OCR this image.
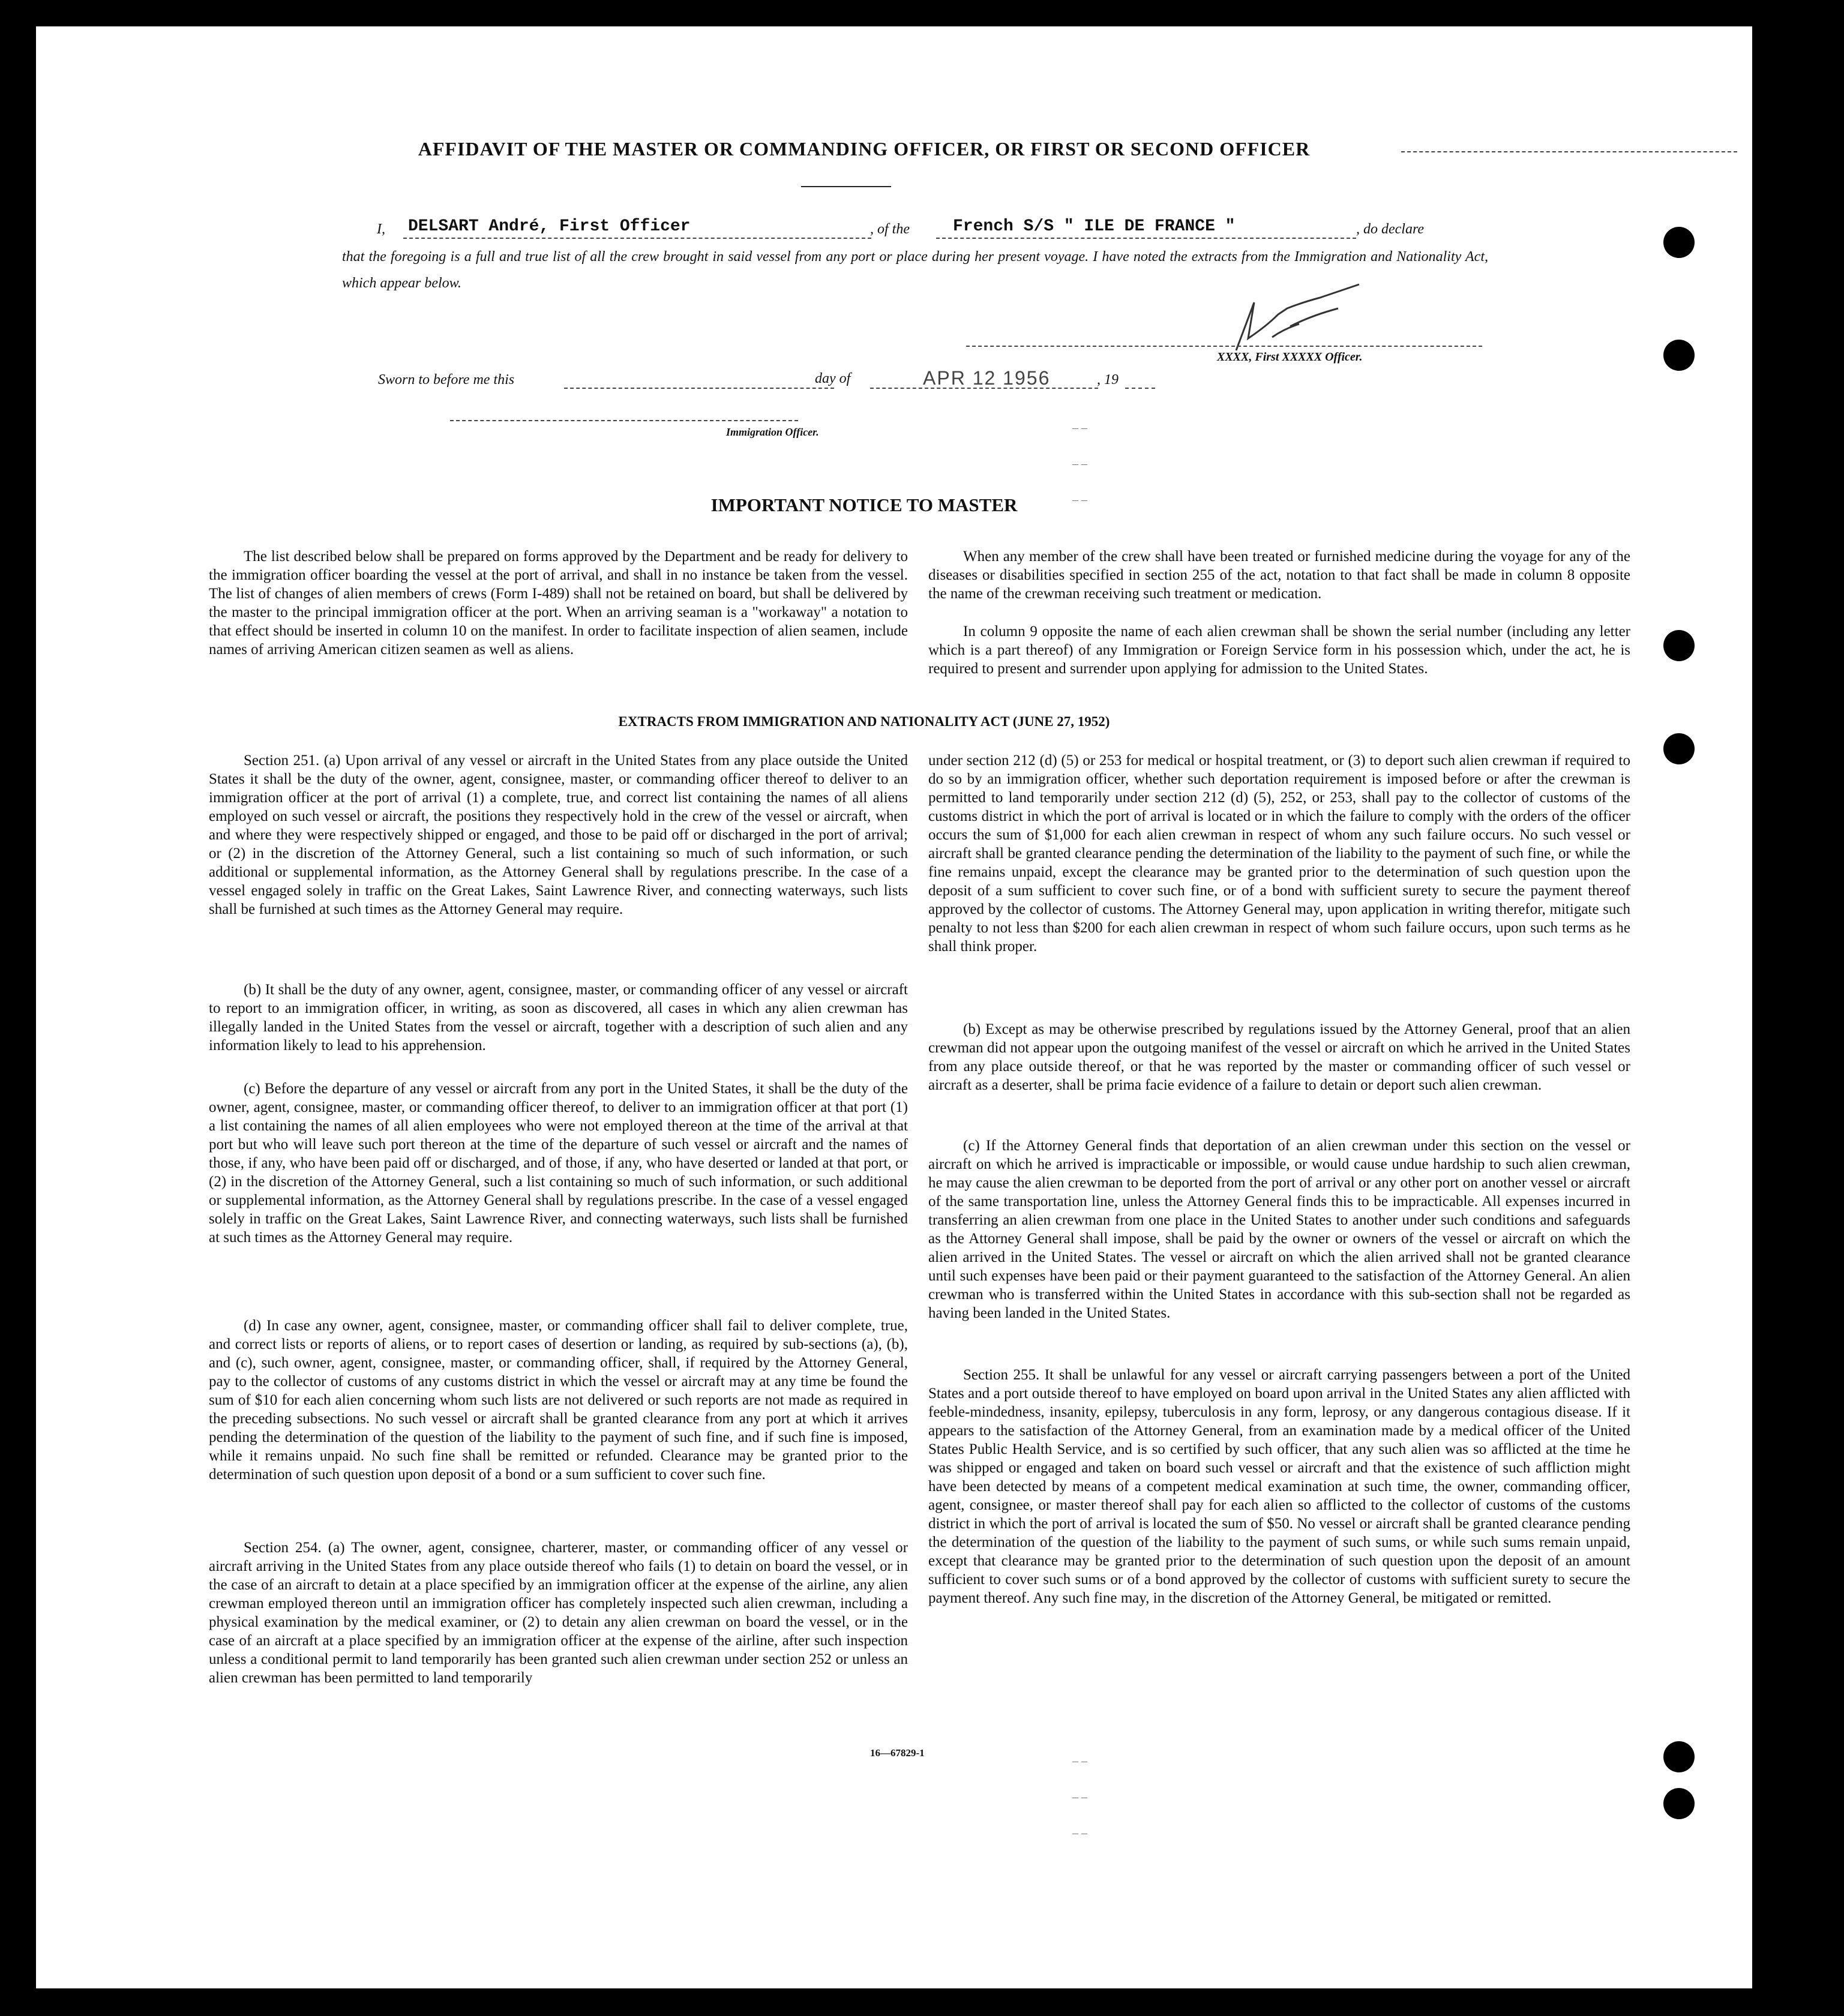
AFFIDAVIT OF THE MASTER OR COMMANDING OFFICER, OR FIRST OR SECOND OFFICER
I, DELSART André, First Officer	, of the	French S/S " ILE DE FRANCE "	, do declare

that the foregoing is a full and true list of all the crew brought in said vessel from any port or place during her present voyage. I have noted the extracts from the Immigration and Nationality Act, which appear below.

XXXX, First XXXXX Officer.
Sworn to before me this	day of	APR 12 1956	, 19
Immigration Officer.	– –
– –
– –
– –
– –
– –
IMPORTANT NOTICE TO MASTER

The list described below shall be prepared on forms approved by the Department and be ready for delivery to the immigration officer boarding the vessel at the port of arrival, and shall in no instance be taken from the vessel. The list of changes of alien members of crews (Form I-489) shall not be retained on board, but shall be delivered by the master to the principal immigration officer at the port. When an arriving seaman is a "workaway" a notation to that effect should be inserted in column 10 on the manifest. In order to facilitate inspection of alien seamen, include names of arriving American citizen seamen as well as aliens.

When any member of the crew shall have been treated or furnished medicine during the voyage for any of the diseases or disabilities specified in section 255 of the act, notation to that fact shall be made in column 8 opposite the name of the crewman receiving such treatment or medication.

In column 9 opposite the name of each alien crewman shall be shown the serial number (including any letter which is a part thereof) of any Immigration or Foreign Service form in his possession which, under the act, he is required to present and surrender upon applying for admission to the United States.

EXTRACTS FROM IMMIGRATION AND NATIONALITY ACT (JUNE 27, 1952)

Section 251. (a) Upon arrival of any vessel or aircraft in the United States from any place outside the United States it shall be the duty of the owner, agent, consignee, master, or commanding officer thereof to deliver to an immigration officer at the port of arrival (1) a complete, true, and correct list containing the names of all aliens employed on such vessel or aircraft, the positions they respectively hold in the crew of the vessel or aircraft, when and where they were respectively shipped or engaged, and those to be paid off or discharged in the port of arrival; or (2) in the discretion of the Attorney General, such a list containing so much of such information, or such additional or supplemental information, as the Attorney General shall by regulations prescribe. In the case of a vessel engaged solely in traffic on the Great Lakes, Saint Lawrence River, and connecting waterways, such lists shall be furnished at such times as the Attorney General may require.

(b) It shall be the duty of any owner, agent, consignee, master, or commanding officer of any vessel or aircraft to report to an immigration officer, in writing, as soon as discovered, all cases in which any alien crewman has illegally landed in the United States from the vessel or aircraft, together with a description of such alien and any information likely to lead to his apprehension.

(c) Before the departure of any vessel or aircraft from any port in the United States, it shall be the duty of the owner, agent, consignee, master, or commanding officer thereof, to deliver to an immigration officer at that port (1) a list containing the names of all alien employees who were not employed thereon at the time of the arrival at that port but who will leave such port thereon at the time of the departure of such vessel or aircraft and the names of those, if any, who have been paid off or discharged, and of those, if any, who have deserted or landed at that port, or (2) in the discretion of the Attorney General, such a list containing so much of such information, or such additional or supplemental information, as the Attorney General shall by regulations prescribe. In the case of a vessel engaged solely in traffic on the Great Lakes, Saint Lawrence River, and connecting waterways, such lists shall be furnished at such times as the Attorney General may require.

(d) In case any owner, agent, consignee, master, or commanding officer shall fail to deliver complete, true, and correct lists or reports of aliens, or to report cases of desertion or landing, as required by sub-sections (a), (b), and (c), such owner, agent, consignee, master, or commanding officer, shall, if required by the Attorney General, pay to the collector of customs of any customs district in which the vessel or aircraft may at any time be found the sum of $10 for each alien concerning whom such lists are not delivered or such reports are not made as required in the preceding subsections. No such vessel or aircraft shall be granted clearance from any port at which it arrives pending the determination of the question of the liability to the payment of such fine, and if such fine is imposed, while it remains unpaid. No such fine shall be remitted or refunded. Clearance may be granted prior to the determination of such question upon deposit of a bond or a sum sufficient to cover such fine.

Section 254. (a) The owner, agent, consignee, charterer, master, or commanding officer of any vessel or aircraft arriving in the United States from any place outside thereof who fails (1) to detain on board the vessel, or in the case of an aircraft to detain at a place specified by an immigration officer at the expense of the airline, any alien crewman employed thereon until an immigration officer has completely inspected such alien crewman, including a physical examination by the medical examiner, or (2) to detain any alien crewman on board the vessel, or in the case of an aircraft at a place specified by an immigration officer at the expense of the airline, after such inspection unless a conditional permit to land temporarily has been granted such alien crewman under section 252 or unless an alien crewman has been permitted to land temporarily

under section 212 (d) (5) or 253 for medical or hospital treatment, or (3) to deport such alien crewman if required to do so by an immigration officer, whether such deportation requirement is imposed before or after the crewman is permitted to land temporarily under section 212 (d) (5), 252, or 253, shall pay to the collector of customs of the customs district in which the port of arrival is located or in which the failure to comply with the orders of the officer occurs the sum of $1,000 for each alien crewman in respect of whom any such failure occurs. No such vessel or aircraft shall be granted clearance pending the determination of the liability to the payment of such fine, or while the fine remains unpaid, except the clearance may be granted prior to the determination of such question upon the deposit of a sum sufficient to cover such fine, or of a bond with sufficient surety to secure the payment thereof approved by the collector of customs. The Attorney General may, upon application in writing therefor, mitigate such penalty to not less than $200 for each alien crewman in respect of whom such failure occurs, upon such terms as he shall think proper.

(b) Except as may be otherwise prescribed by regulations issued by the Attorney General, proof that an alien crewman did not appear upon the outgoing manifest of the vessel or aircraft on which he arrived in the United States from any place outside thereof, or that he was reported by the master or commanding officer of such vessel or aircraft as a deserter, shall be prima facie evidence of a failure to detain or deport such alien crewman.

(c) If the Attorney General finds that deportation of an alien crewman under this section on the vessel or aircraft on which he arrived is impracticable or impossible, or would cause undue hardship to such alien crewman, he may cause the alien crewman to be deported from the port of arrival or any other port on another vessel or aircraft of the same transportation line, unless the Attorney General finds this to be impracticable. All expenses incurred in transferring an alien crewman from one place in the United States to another under such conditions and safeguards as the Attorney General shall impose, shall be paid by the owner or owners of the vessel or aircraft on which the alien arrived in the United States. The vessel or aircraft on which the alien arrived shall not be granted clearance until such expenses have been paid or their payment guaranteed to the satisfaction of the Attorney General. An alien crewman who is transferred within the United States in accordance with this sub-section shall not be regarded as having been landed in the United States.

Section 255. It shall be unlawful for any vessel or aircraft carrying passengers between a port of the United States and a port outside thereof to have employed on board upon arrival in the United States any alien afflicted with feeble-mindedness, insanity, epilepsy, tuberculosis in any form, leprosy, or any dangerous contagious disease. If it appears to the satisfaction of the Attorney General, from an examination made by a medical officer of the United States Public Health Service, and is so certified by such officer, that any such alien was so afflicted at the time he was shipped or engaged and taken on board such vessel or aircraft and that the existence of such affliction might have been detected by means of a competent medical examination at such time, the owner, commanding officer, agent, consignee, or master thereof shall pay for each alien so afflicted to the collector of customs of the customs district in which the port of arrival is located the sum of $50. No vessel or aircraft shall be granted clearance pending the determination of the question of the liability to the payment of such sums, or while such sums remain unpaid, except that clearance may be granted prior to the determination of such question upon the deposit of an amount sufficient to cover such sums or of a bond approved by the collector of customs with sufficient surety to secure the payment thereof. Any such fine may, in the discretion of the Attorney General, be mitigated or remitted.

16—67829-1
